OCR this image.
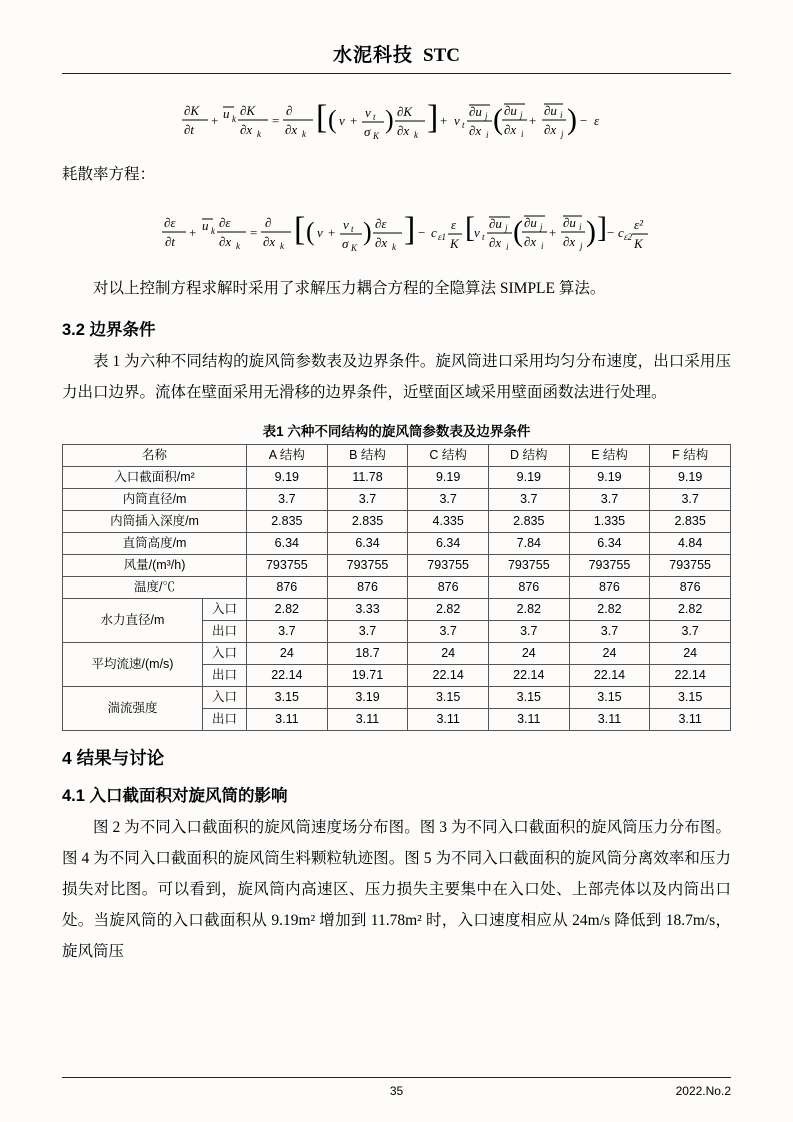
水泥科技 STC
∂K
∂t
+ u k
∂K
∂x k
=
∂
∂x k [ ( ν +
ν t
σ K
) ∂K
∂x k ] + ν t
∂u j
∂x i ( ∂u j
∂x i
+
∂u i
∂x j ) − ε

耗散率方程：

∂ε
∂t
+ u k
∂ε
∂x k
=
∂
∂x k [ ( ν +
ν t
σ K
) ∂ε
∂x k ] − c ε1
ε
K [ ν t
∂u j
∂x i ( ∂u j
∂x i
+
∂u i
∂x j ) ] − c ε2
ε²
K

对以上控制方程求解时采用了求解压力耦合方程的全隐算法 SIMPLE 算法。

3.2 边界条件

表 1 为六种不同结构的旋风筒参数表及边界条件。旋风筒进口采用均匀分布速度，出口采用压力出口边界。流体在壁面采用无滑移的边界条件，近壁面区域采用壁面函数法进行处理。

表1 六种不同结构的旋风筒参数表及边界条件
名称		A 结构	B 结构	C 结构	D 结构	E 结构	F 结构
入口截面积/m²		9.19	11.78	9.19	9.19	9.19	9.19
内筒直径/m		3.7	3.7	3.7	3.7	3.7	3.7
内筒插入深度/m		2.835	2.835	4.335	2.835	1.335	2.835
直筒高度/m		6.34	6.34	6.34	7.84	6.34	4.84
风量/(m³/h)		793755	793755	793755	793755	793755	793755
温度/℃		876	876	876	876	876	876
水力直径/m	入口	2.82	3.33	2.82	2.82	2.82	2.82
	出口	3.7	3.7	3.7	3.7	3.7	3.7
平均流速/(m/s)	入口	24	18.7	24	24	24	24
	出口	22.14	19.71	22.14	22.14	22.14	22.14
湍流强度	入口	3.15	3.19	3.15	3.15	3.15	3.15
	出口	3.11	3.11	3.11	3.11	3.11	3.11
4 结果与讨论
4.1 入口截面积对旋风筒的影响

图 2 为不同入口截面积的旋风筒速度场分布图。图 3 为不同入口截面积的旋风筒压力分布图。图 4 为不同入口截面积的旋风筒生料颗粒轨迹图。图 5 为不同入口截面积的旋风筒分离效率和压力损失对比图。可以看到，旋风筒内高速区、压力损失主要集中在入口处、上部壳体以及内筒出口处。当旋风筒的入口截面积从 9.19m² 增加到 11.78m² 时，入口速度相应从 24m/s 降低到 18.7m/s，旋风筒压

35	2022.No.2
